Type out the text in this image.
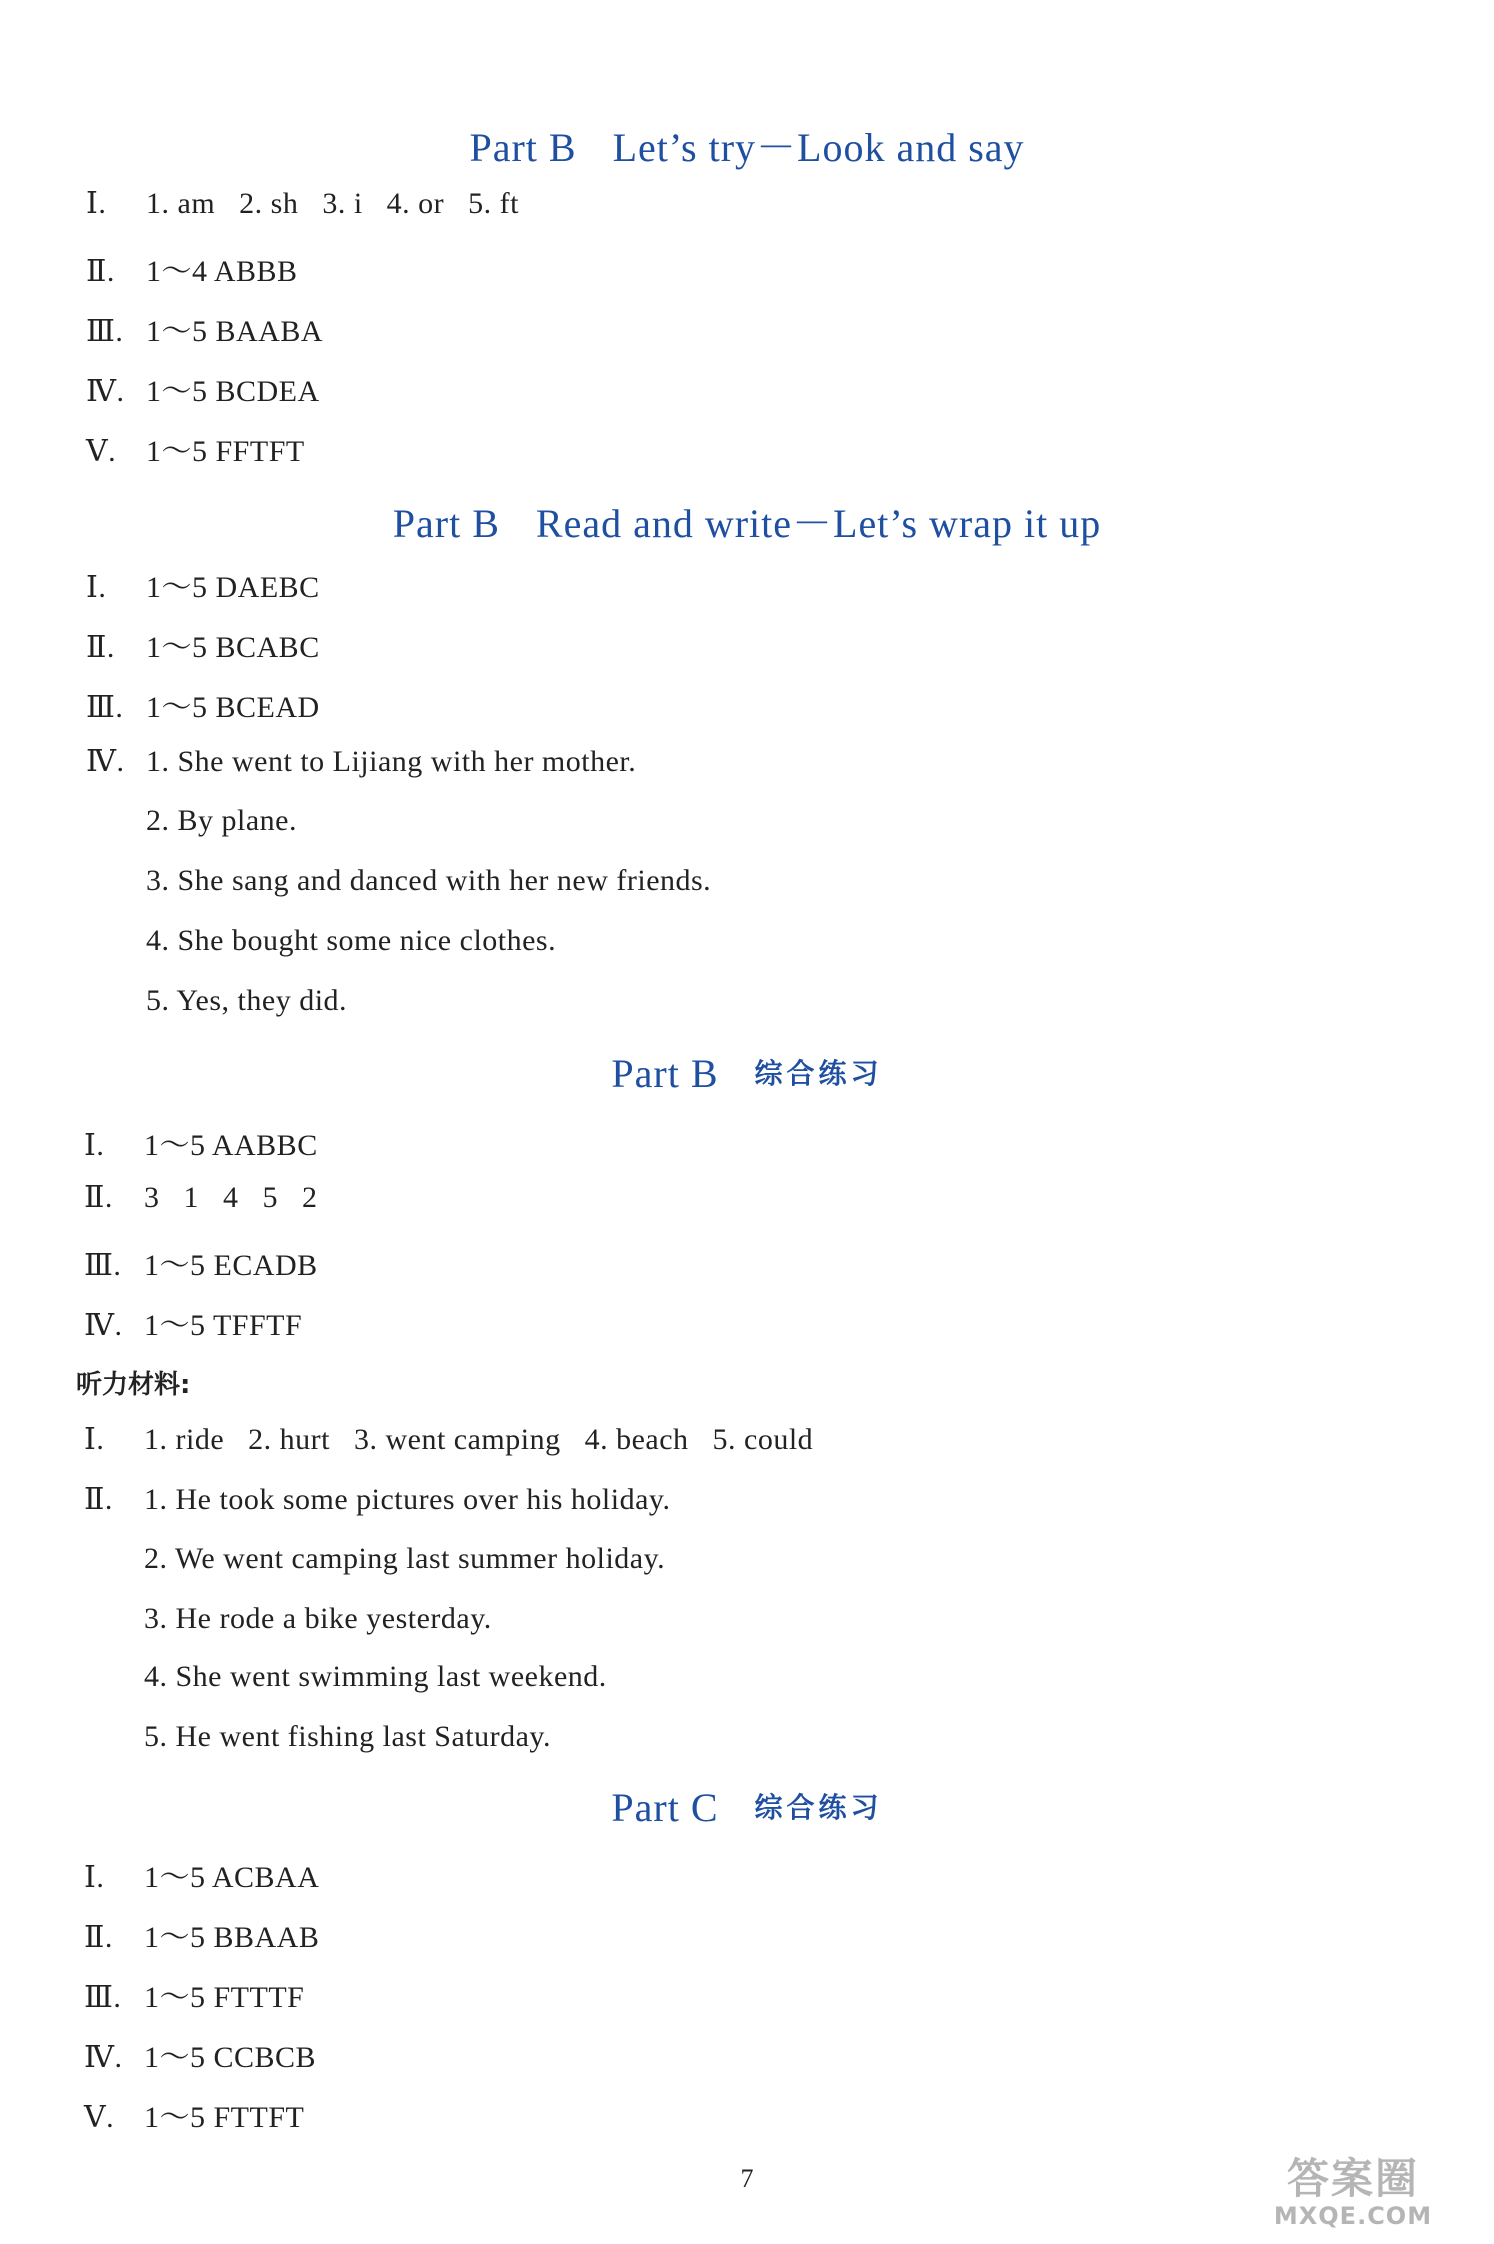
Part B Let’s try－Look and say
Ⅰ. 1. am   2. sh   3. i   4. or   5. ft
Ⅱ. 1～4 ABBB
Ⅲ. 1～5 BAABA
Ⅳ. 1～5 BCDEA
Ⅴ. 1～5 FFTFT
Part B Read and write－Let’s wrap it up
Ⅰ. 1～5 DAEBC
Ⅱ. 1～5 BCABC
Ⅲ. 1～5 BCEAD
Ⅳ. 1. She went to Lijiang with her mother.
2. By plane.
3. She sang and danced with her new friends.
4. She bought some nice clothes.
5. Yes, they did.
Part B 综合练习
Ⅰ. 1～5 AABBC
Ⅱ. 3   1   4   5   2
Ⅲ. 1～5 ECADB
Ⅳ. 1～5 TFFTF
听力材料:
Ⅰ. 1. ride   2. hurt   3. went camping   4. beach   5. could
Ⅱ. 1. He took some pictures over his holiday.
2. We went camping last summer holiday.
3. He rode a bike yesterday.
4. She went swimming last weekend.
5. He went fishing last Saturday.
Part C 综合练习
Ⅰ. 1～5 ACBAA
Ⅱ. 1～5 BBAAB
Ⅲ. 1～5 FTTTF
Ⅳ. 1～5 CCBCB
Ⅴ. 1～5 FTTFT
7	答案圈
MXQE.COM
